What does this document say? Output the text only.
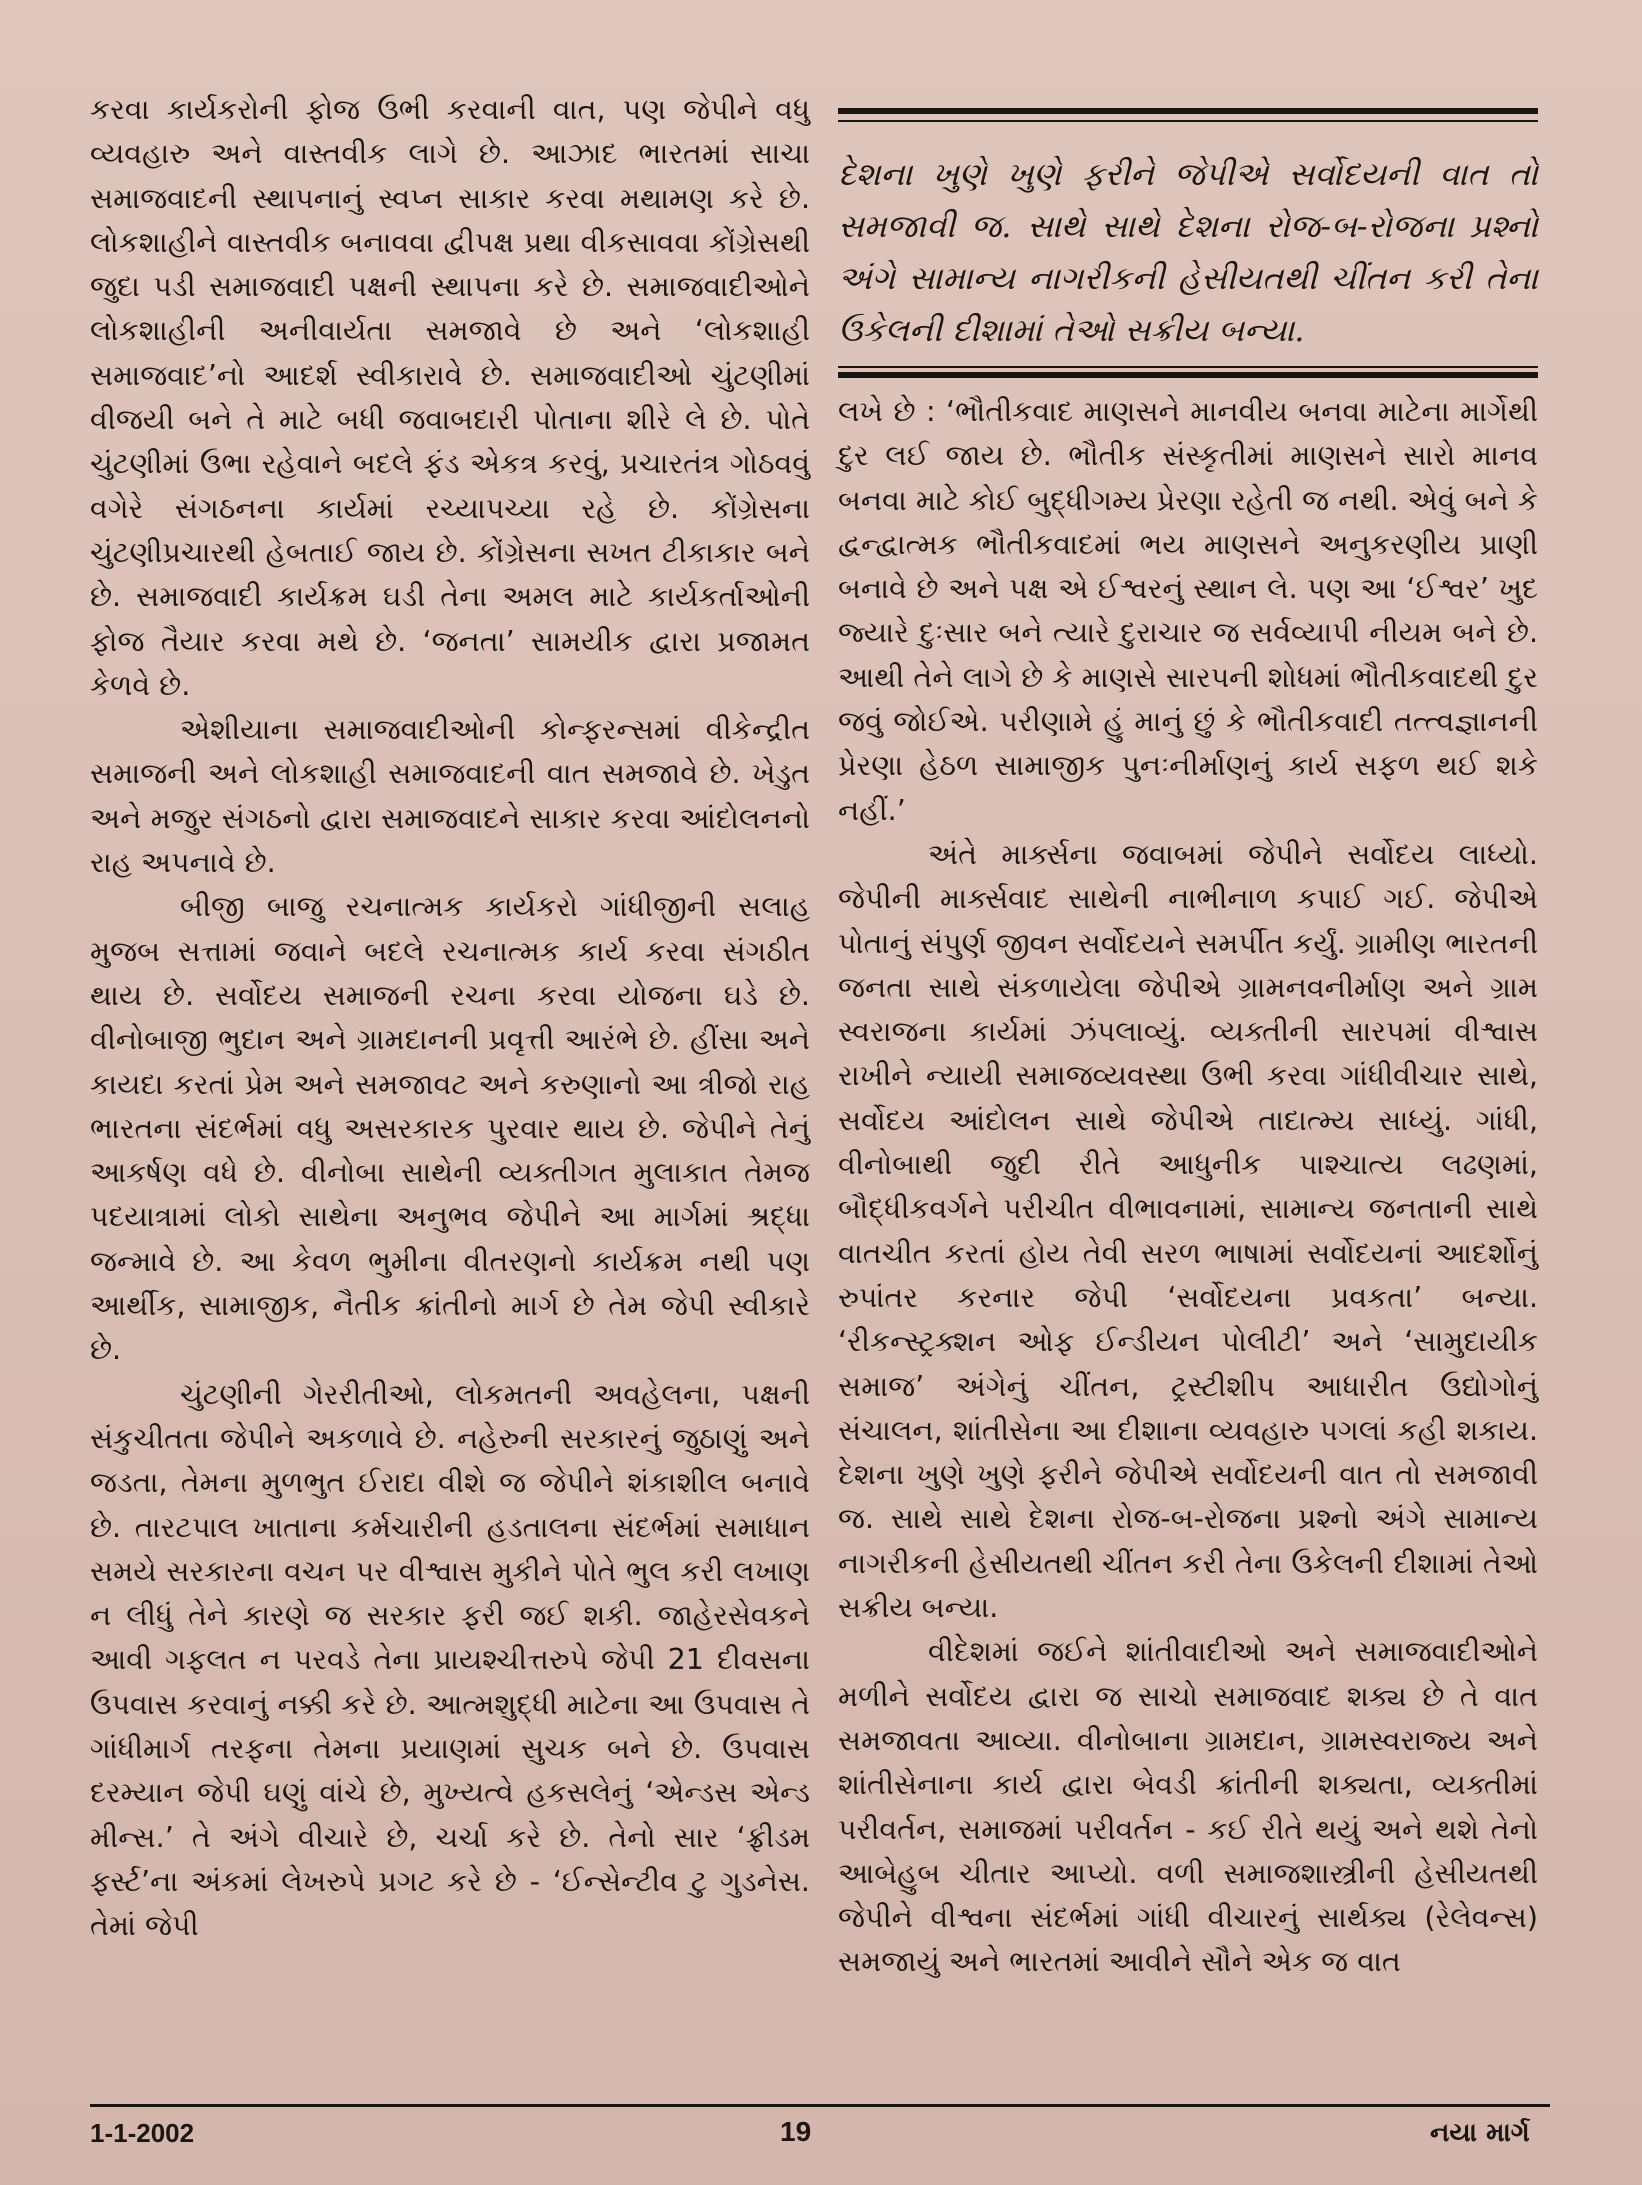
કરવા કાર્યકરોની ફોજ ઉભી કરવાની વાત, પણ જેપીને વધુ વ્યવહારુ અને વાસ્તવીક લાગે છે. આઝાદ ભારતમાં સાચા સમાજવાદની સ્થાપનાનું સ્વપ્ન સાકાર કરવા મથામણ કરે છે. લોકશાહીને વાસ્તવીક બનાવવા દ્વીપક્ષ પ્રથા વીકસાવવા કોંગ્રેસથી જુદા પડી સમાજવાદી પક્ષની સ્થાપના કરે છે. સમાજવાદીઓને લોકશાહીની અનીવાર્યતા સમજાવે છે અને ‘લોકશાહી સમાજવાદ’નો આદર્શ સ્વીકારાવે છે. સમાજવાદીઓ ચુંટણીમાં વીજયી બને તે માટે બધી જવાબદારી પોતાના શીરે લે છે. પોતે ચુંટણીમાં ઉભા રહેવાને બદલે ફંડ એકત્ર કરવું, પ્રચારતંત્ર ગોઠવવું વગેરે સંગઠનના કાર્યમાં રચ્યાપચ્યા રહે છે. કોંગ્રેસના ચુંટણીપ્રચારથી હેબતાઈ જાય છે. કોંગ્રેસના સખત ટીકાકાર બને છે. સમાજવાદી કાર્યક્રમ ઘડી તેના અમલ માટે કાર્યકર્તાઓની ફોજ તૈયાર કરવા મથે છે. ‘જનતા’ સામયીક દ્વારા પ્રજામત કેળવે છે.

એશીયાના સમાજવાદીઓની કોન્ફરન્સમાં વીકેન્દ્રીત સમાજની અને લોકશાહી સમાજવાદની વાત સમજાવે છે. ખેડુત અને મજુર સંગઠનો દ્વારા સમાજવાદને સાકાર કરવા આંદોલનનો રાહ અપનાવે છે.

બીજી બાજુ રચનાત્મક કાર્યકરો ગાંધીજીની સલાહ મુજબ સત્તામાં જવાને બદલે રચનાત્મક કાર્ય કરવા સંગઠીત થાય છે. સર્વોદય સમાજની રચના કરવા યોજના ઘડે છે. વીનોબાજી ભુદાન અને ગ્રામદાનની પ્રવૃત્તી આરંભે છે. હીંસા અને કાયદા કરતાં પ્રેમ અને સમજાવટ અને કરુણાનો આ ત્રીજો રાહ ભારતના સંદર્ભમાં વધુ અસરકારક પુરવાર થાય છે. જેપીને તેનું આકર્ષણ વધે છે. વીનોબા સાથેની વ્યક્તીગત મુલાકાત તેમજ પદયાત્રામાં લોકો સાથેના અનુભવ જેપીને આ માર્ગમાં શ્રદ્ધા જન્માવે છે. આ કેવળ ભુમીના વીતરણનો કાર્યક્રમ નથી પણ આર્થીક, સામાજીક, નૈતીક ક્રાંતીનો માર્ગ છે તેમ જેપી સ્વીકારે છે.

ચુંટણીની ગેરરીતીઓ, લોકમતની અવહેલના, પક્ષની સંકુચીતતા જેપીને અકળાવે છે. નહેરુની સરકારનું જુઠાણું અને જડતા, તેમના મુળભુત ઈરાદા વીશે જ જેપીને શંકાશીલ બનાવે છે. તારટપાલ ખાતાના કર્મચારીની હડતાલના સંદર્ભમાં સમાધાન સમયે સરકારના વચન પર વીશ્વાસ મુકીને પોતે ભુલ કરી લખાણ ન લીધું તેને કારણે જ સરકાર ફરી જઈ શકી. જાહેરસેવકને આવી ગફલત ન પરવડે તેના પ્રાયશ્ચીત્તરુપે જેપી 21 દીવસના ઉપવાસ કરવાનું નક્કી કરે છે. આત્મશુદ્ધી માટેના આ ઉપવાસ તે ગાંધીમાર્ગ તરફના તેમના પ્રયાણમાં સુચક બને છે. ઉપવાસ દરમ્યાન જેપી ઘણું વાંચે છે, મુખ્યત્વે હકસલેનું ‘એન્ડસ એન્ડ મીન્સ.’ તે અંગે વીચારે છે, ચર્ચા કરે છે. તેનો સાર ‘ફ્રીડમ ફર્સ્ટ’ના અંકમાં લેખરુપે પ્રગટ કરે છે - ‘ઈન્સેન્ટીવ ટુ ગુડનેસ. તેમાં જેપી

દેશના ખુણે ખુણે ફરીને જેપીએ સર્વોદયની વાત તો સમજાવી જ. સાથે સાથે દેશના રોજ-બ-રોજના પ્રશ્નો અંગે સામાન્ય નાગરીકની હેસીયતથી ચીંતન કરી તેના ઉકેલની દીશામાં તેઓ સક્રીય બન્યા.

લખે છે : ‘ભૌતીકવાદ માણસને માનવીય બનવા માટેના માર્ગેથી દુર લઈ જાય છે. ભૌતીક સંસ્કૃતીમાં માણસને સારો માનવ બનવા માટે કોઈ બુદ્ધીગમ્ય પ્રેરણા રહેતી જ નથી. એવું બને કે દ્વન્દ્વાત્મક ભૌતીકવાદમાં ભય માણસને અનુકરણીય પ્રાણી બનાવે છે અને પક્ષ એ ઈશ્વરનું સ્થાન લે. પણ આ ‘ઈશ્વર’ ખુદ જ્યારે દુઃસાર બને ત્યારે દુરાચાર જ સર્વવ્યાપી નીયમ બને છે. આથી તેને લાગે છે કે માણસે સારપની શોધમાં ભૌતીકવાદથી દુર જવું જોઈએ. પરીણામે હું માનું છું કે ભૌતીકવાદી તત્ત્વજ્ઞાનની પ્રેરણા હેઠળ સામાજીક પુનઃનીર્માણનું કાર્ય સફળ થઈ શકે નહીં.’

અંતે માર્ક્સના જવાબમાં જેપીને સર્વોદય લાધ્યો. જેપીની માર્ક્સવાદ સાથેની નાભીનાળ કપાઈ ગઈ. જેપીએ પોતાનું સંપુર્ણ જીવન સર્વોદયને સમર્પીત કર્યું. ગ્રામીણ ભારતની જનતા સાથે સંકળાયેલા જેપીએ ગ્રામનવનીર્માણ અને ગ્રામ સ્વરાજના કાર્યમાં ઝંપલાવ્યું. વ્યક્તીની સારપમાં વીશ્વાસ રાખીને ન્યાયી સમાજવ્યવસ્થા ઉભી કરવા ગાંધીવીચાર સાથે, સર્વોદય આંદોલન સાથે જેપીએ તાદાત્મ્ય સાધ્યું. ગાંધી, વીનોબાથી જુદી રીતે આધુનીક પાશ્ચાત્ય લઢણમાં, બૌદ્ધીકવર્ગને પરીચીત વીભાવનામાં, સામાન્ય જનતાની સાથે વાતચીત કરતાં હોય તેવી સરળ ભાષામાં સર્વોદયનાં આદર્શોનું રુપાંતર કરનાર જેપી ‘સર્વોદયના પ્રવકતા’ બન્યા. ‘રીકન્સ્ટ્રક્શન ઓફ ઈન્ડીયન પોલીટી’ અને ‘સામુદાયીક સમાજ’ અંગેનું ચીંતન, ટ્રસ્ટીશીપ આધારીત ઉદ્યોગોનું સંચાલન, શાંતીસેના આ દીશાના વ્યવહારુ પગલાં કહી શકાય. દેશના ખુણે ખુણે ફરીને જેપીએ સર્વોદયની વાત તો સમજાવી જ. સાથે સાથે દેશના રોજ-બ-રોજના પ્રશ્નો અંગે સામાન્ય નાગરીકની હેસીયતથી ચીંતન કરી તેના ઉકેલની દીશામાં તેઓ સક્રીય બન્યા.

વીદેશમાં જઈને શાંતીવાદીઓ અને સમાજવાદીઓને મળીને સર્વોદય દ્વારા જ સાચો સમાજવાદ શક્ય છે તે વાત સમજાવતા આવ્યા. વીનોબાના ગ્રામદાન, ગ્રામસ્વરાજ્ય અને શાંતીસેનાના કાર્ય દ્વારા બેવડી ક્રાંતીની શક્યતા, વ્યક્તીમાં પરીવર્તન, સમાજમાં પરીવર્તન - કઈ રીતે થયું અને થશે તેનો આબેહુબ ચીતાર આપ્યો. વળી સમાજશાસ્ત્રીની હેસીયતથી જેપીને વીશ્વના સંદર્ભમાં ગાંધી વીચારનું સાર્થક્ય (રેલેવન્સ) સમજાયું અને ભારતમાં આવીને સૌને એક જ વાત

1-1-2002	19	નયા માર્ગ
